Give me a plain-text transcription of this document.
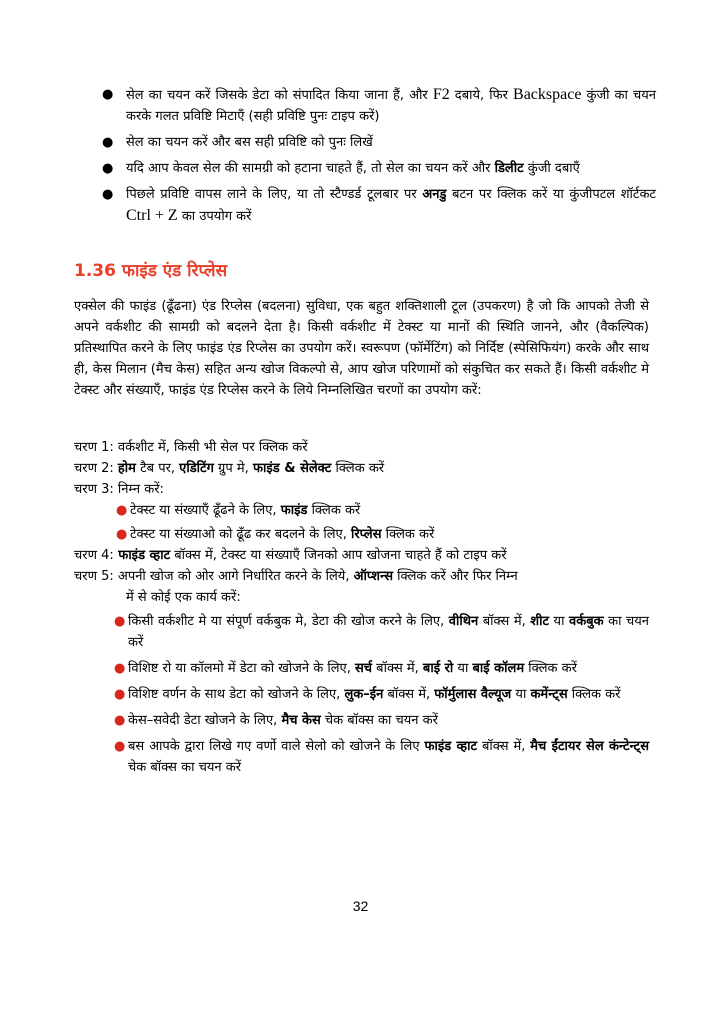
● सेल का चयन करें जिसके डेटा को संपादित किया जाना हैं, और F2 दबाये, फिर Backspace कुंजी का चयन करके गलत प्रविष्टि मिटाएँ (सही प्रविष्टि पुनः टाइप करें)
● सेल का चयन करें और बस सही प्रविष्टि को पुनः लिखें
● यदि आप केवल सेल की सामग्री को हटाना चाहते हैं, तो सेल का चयन करें और डिलीट कुंजी दबाएँ
● पिछले प्रविष्टि वापस लाने के लिए, या तो स्टैण्डर्ड टूलबार पर अनडु बटन पर क्लिक करें या कुंजीपटल शॉर्टकट Ctrl + Z का उपयोग करें
1.36 फाइंड एंड रिप्लेस

एक्सेल की फाइंड (ढूँढना) एंड रिप्लेस (बदलना) सुविधा, एक बहुत शक्तिशाली टूल (उपकरण) है जो कि आपको तेजी से अपने वर्कशीट की सामग्री को बदलने देता है। किसी वर्कशीट में टेक्स्ट या मानों की स्थिति जानने, और (वैकल्पिक) प्रतिस्थापित करने के लिए फाइंड एंड रिप्लेस का उपयोग करें। स्वरूपण (फॉर्मेटिंग) को निर्दिष्ट (स्पेसिफियंग) करके और साथ ही, केस मिलान (मैच केस) सहित अन्य खोज विकल्पो से, आप खोज परिणामों को संकुचित कर सकते हैं। किसी वर्कशीट मे टेक्स्ट और संख्याएँ, फाइंड एंड रिप्लेस करने के लिये निम्नलिखित चरणों का उपयोग करें:

चरण 1: वर्कशीट में, किसी भी सेल पर क्लिक करें

चरण 2: होम टैब पर, एडिटिंग ग्रुप मे, फाइंड & सेलेक्ट क्लिक करें

चरण 3: निम्न करें:

● टेक्स्ट या संख्याएँ ढूँढने के लिए, फाइंड क्लिक करें
● टेक्स्ट या संख्याओ को ढूँढ कर बदलने के लिए, रिप्लेस क्लिक करें

चरण 4: फाइंड व्हाट बॉक्स में, टेक्स्ट या संख्याएँ जिनको आप खोजना चाहते हैं को टाइप करें

चरण 5: अपनी खोज को ओर आगे निर्धारित करने के लिये, ऑप्शन्स क्लिक करें और फिर निम्न

में से कोई एक कार्य करें:

● किसी वर्कशीट मे या संपूर्ण वर्कबुक मे, डेटा की खोज करने के लिए, वीथिन बॉक्स में, शीट या वर्कबुक का चयन करें
● विशिष्ट रो या कॉलमो में डेटा को खोजने के लिए, सर्च बॉक्स में, बाई रो या बाई कॉलम क्लिक करें
● विशिष्ट वर्णन के साथ डेटा को खोजने के लिए, लुक–ईन बॉक्स में, फॉर्मुलास वैल्यूज या कमेंन्ट्स क्लिक करें
● केस–सवेदी डेटा खोजने के लिए, मैच केस चेक बॉक्स का चयन करें
● बस आपके द्वारा लिखे गए वर्णो वाले सेलो को खोजने के लिए फाइंड व्हाट बॉक्स में, मैच ईंटायर सेल कंन्टेन्ट्स चेक बॉक्स का चयन करें
32
